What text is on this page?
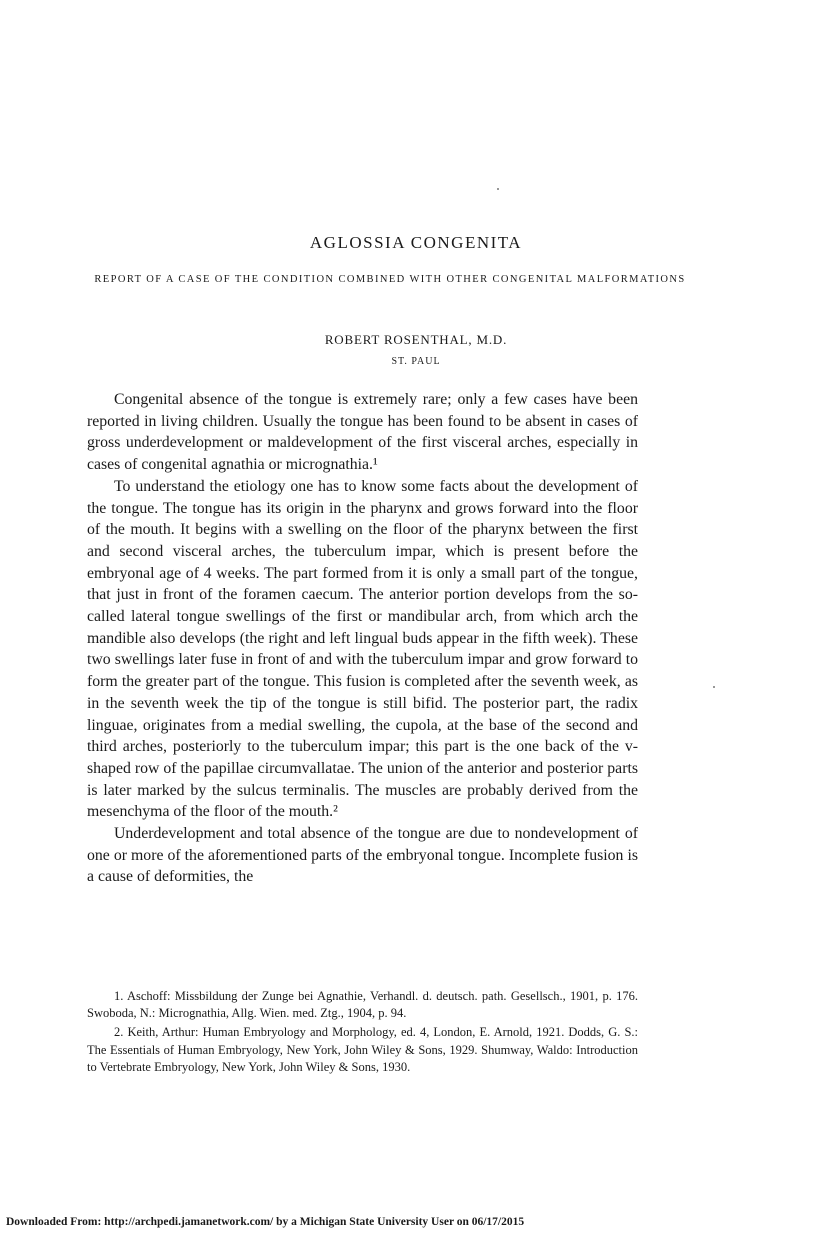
AGLOSSIA CONGENITA

REPORT OF A CASE OF THE CONDITION COMBINED WITH OTHER CONGENITAL MALFORMATIONS

ROBERT ROSENTHAL, M.D.

ST. PAUL

Congenital absence of the tongue is extremely rare; only a few cases have been reported in living children. Usually the tongue has been found to be absent in cases of gross underdevelopment or maldevelopment of the first visceral arches, especially in cases of congenital agnathia or micrognathia.¹

To understand the etiology one has to know some facts about the development of the tongue. The tongue has its origin in the pharynx and grows forward into the floor of the mouth. It begins with a swelling on the floor of the pharynx between the first and second visceral arches, the tuberculum impar, which is present before the embryonal age of 4 weeks. The part formed from it is only a small part of the tongue, that just in front of the foramen caecum. The anterior portion develops from the so-called lateral tongue swellings of the first or mandibular arch, from which arch the mandible also develops (the right and left lingual buds appear in the fifth week). These two swellings later fuse in front of and with the tuberculum impar and grow forward to form the greater part of the tongue. This fusion is completed after the seventh week, as in the seventh week the tip of the tongue is still bifid. The posterior part, the radix linguae, originates from a medial swelling, the cupola, at the base of the second and third arches, posteriorly to the tuberculum impar; this part is the one back of the v-shaped row of the papillae circumvallatae. The union of the anterior and posterior parts is later marked by the sulcus terminalis. The muscles are probably derived from the mesenchyma of the floor of the mouth.²

Underdevelopment and total absence of the tongue are due to nondevelopment of one or more of the aforementioned parts of the embryonal tongue. Incomplete fusion is a cause of deformities, the

1. Aschoff: Missbildung der Zunge bei Agnathie, Verhandl. d. deutsch. path. Gesellsch., 1901, p. 176. Swoboda, N.: Micrognathia, Allg. Wien. med. Ztg., 1904, p. 94.

2. Keith, Arthur: Human Embryology and Morphology, ed. 4, London, E. Arnold, 1921. Dodds, G. S.: The Essentials of Human Embryology, New York, John Wiley & Sons, 1929. Shumway, Waldo: Introduction to Vertebrate Embryology, New York, John Wiley & Sons, 1930.

Downloaded From: http://archpedi.jamanetwork.com/ by a Michigan State University User on 06/17/2015
